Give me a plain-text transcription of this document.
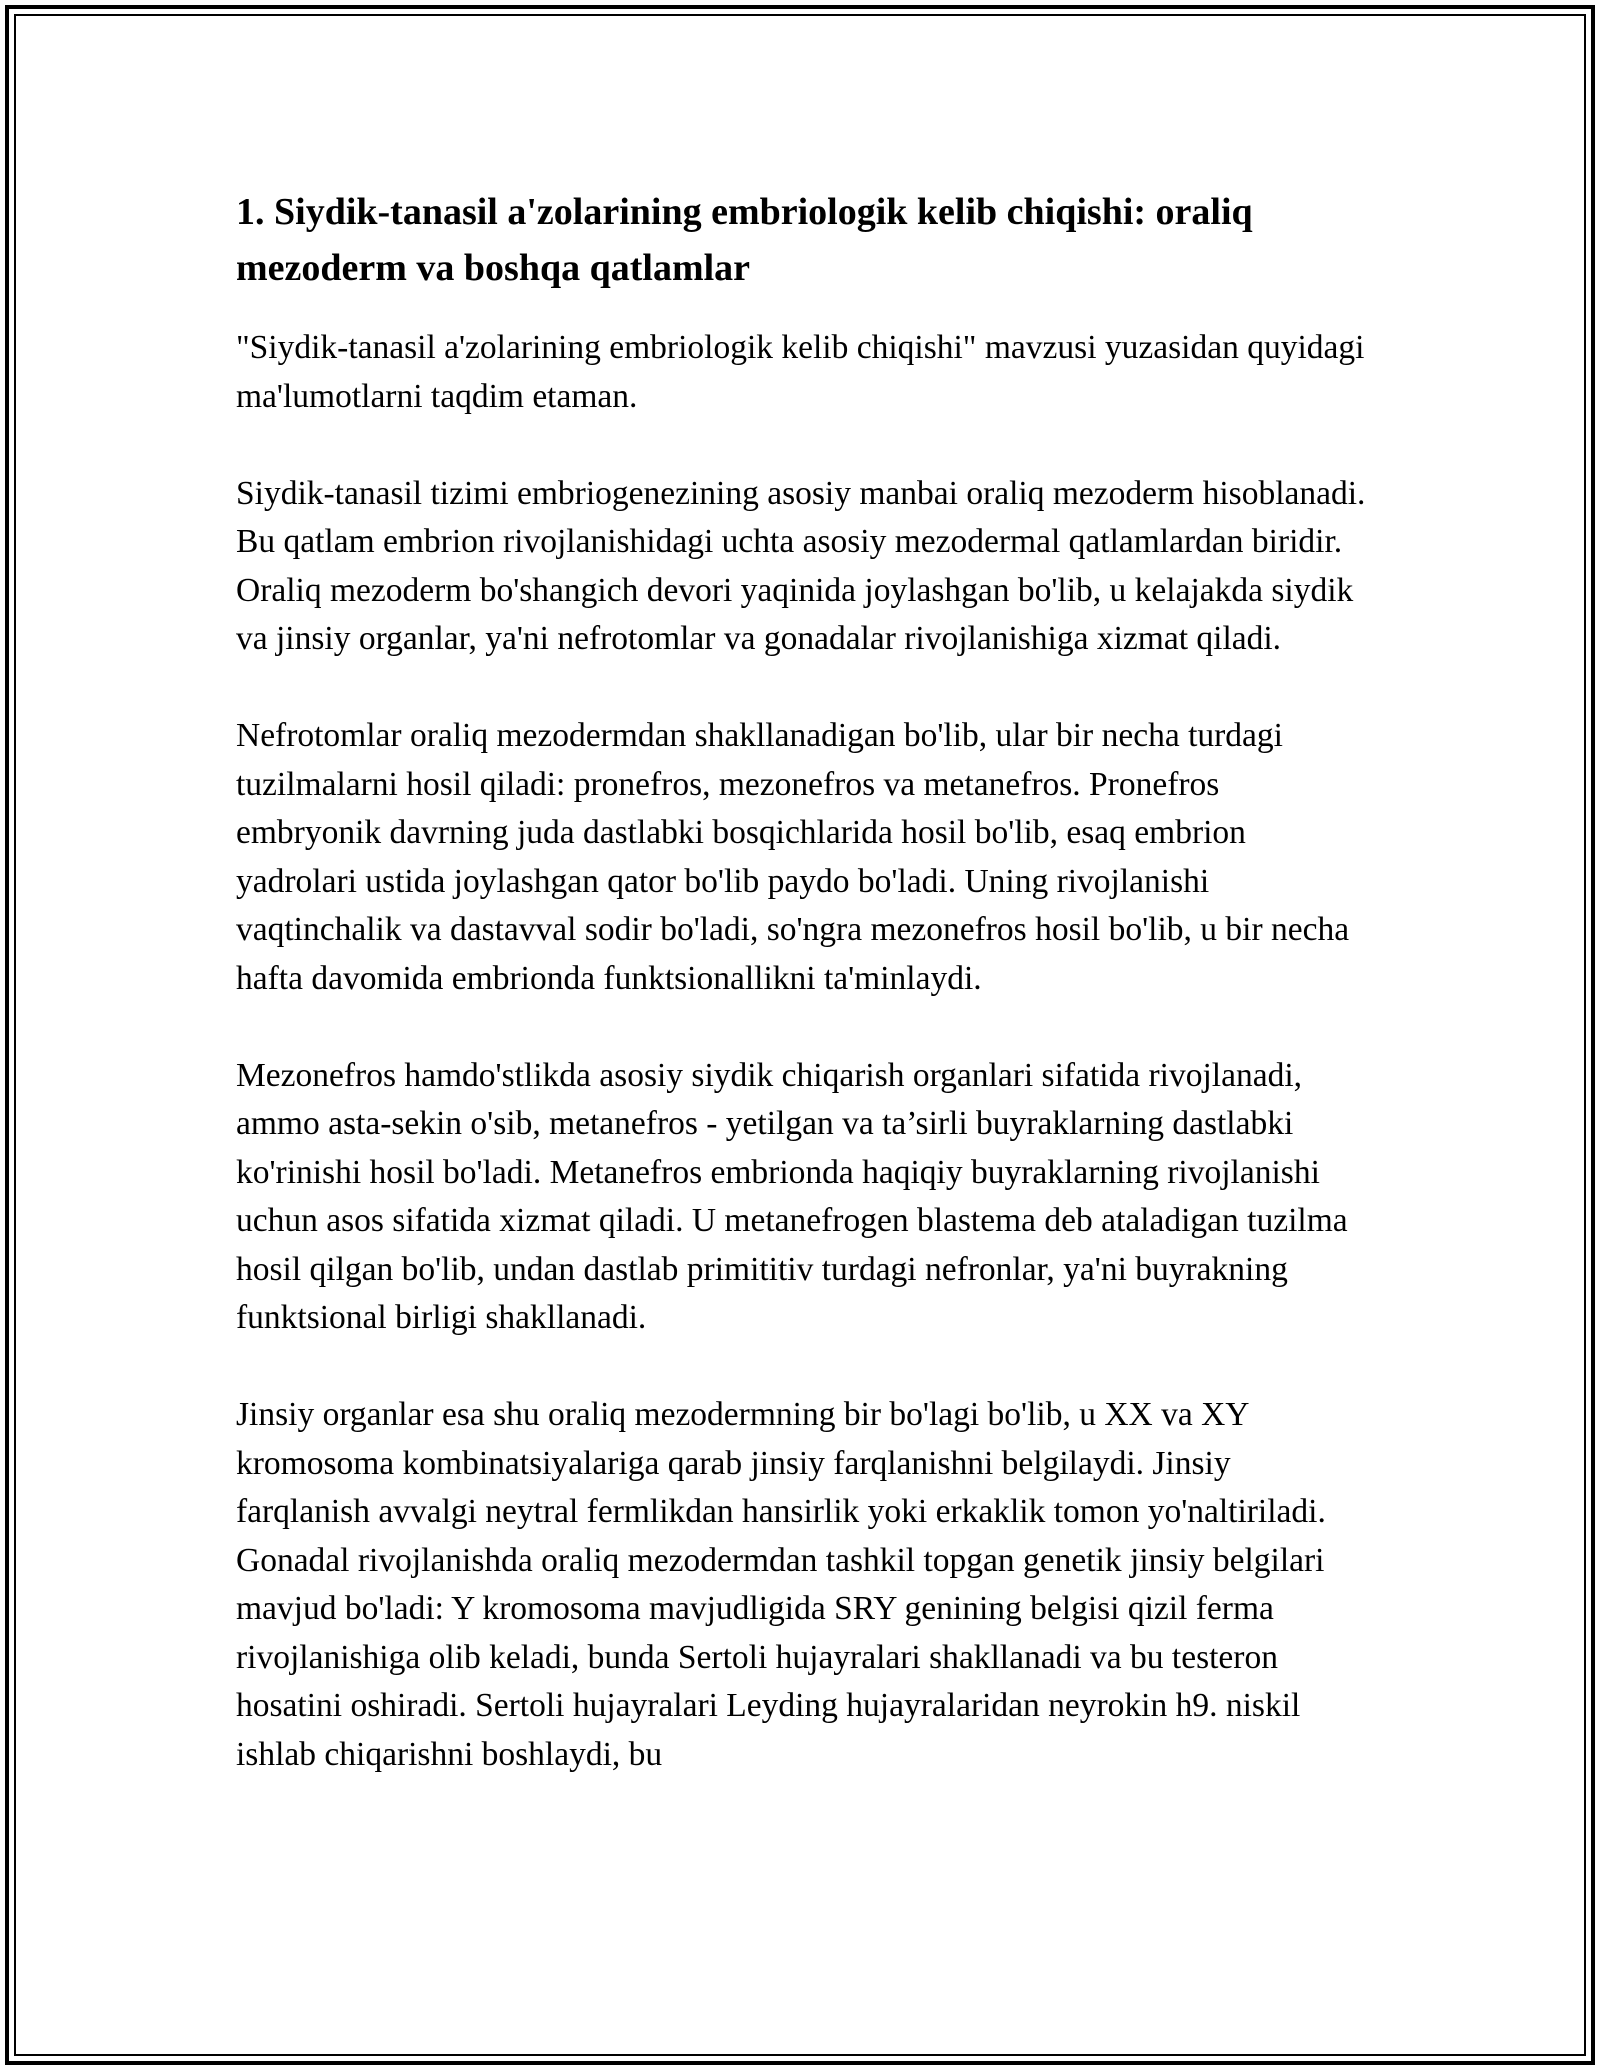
1. Siydik-tanasil a'zolarining embriologik kelib chiqishi: oraliq mezoderm va boshqa qatlamlar

"Siydik-tanasil a'zolarining embriologik kelib chiqishi" mavzusi yuzasidan quyidagi ma'lumotlarni taqdim etaman.

Siydik-tanasil tizimi embriogenezining asosiy manbai oraliq mezoderm hisoblanadi. Bu qatlam embrion rivojlanishidagi uchta asosiy mezodermal qatlamlardan biridir. Oraliq mezoderm bo'shangich devori yaqinida joylashgan bo'lib, u kelajakda siydik va jinsiy organlar, ya'ni nefrotomlar va gonadalar rivojlanishiga xizmat qiladi.

Nefrotomlar oraliq mezodermdan shakllanadigan bo'lib, ular bir necha turdagi tuzilmalarni hosil qiladi: pronefros, mezonefros va metanefros. Pronefros embryonik davrning juda dastlabki bosqichlarida hosil bo'lib, esaq embrion yadrolari ustida joylashgan qator bo'lib paydo bo'ladi. Uning rivojlanishi vaqtinchalik va dastavval sodir bo'ladi, so'ngra mezonefros hosil bo'lib, u bir necha hafta davomida embrionda funktsionallikni ta'minlaydi.

Mezonefros hamdo'stlikda asosiy siydik chiqarish organlari sifatida rivojlanadi, ammo asta-sekin o'sib, metanefros - yetilgan va ta’sirli buyraklarning dastlabki ko'rinishi hosil bo'ladi. Metanefros embrionda haqiqiy buyraklarning rivojlanishi uchun asos sifatida xizmat qiladi. U metanefrogen blastema deb ataladigan tuzilma hosil qilgan bo'lib, undan dastlab primititiv turdagi nefronlar, ya'ni buyrakning funktsional birligi shakllanadi.

Jinsiy organlar esa shu oraliq mezodermning bir bo'lagi bo'lib, u XX va XY kromosoma kombinatsiyalariga qarab jinsiy farqlanishni belgilaydi. Jinsiy farqlanish avvalgi neytral fermlikdan hansirlik yoki erkaklik tomon yo'naltiriladi. Gonadal rivojlanishda oraliq mezodermdan tashkil topgan genetik jinsiy belgilari mavjud bo'ladi: Y kromosoma mavjudligida SRY genining belgisi qizil ferma rivojlanishiga olib keladi, bunda Sertoli hujayralari shakllanadi va bu testeron hosatini oshiradi. Sertoli hujayralari Leyding hujayralaridan neyrokin h9. niskil ishlab chiqarishni boshlaydi, bu
